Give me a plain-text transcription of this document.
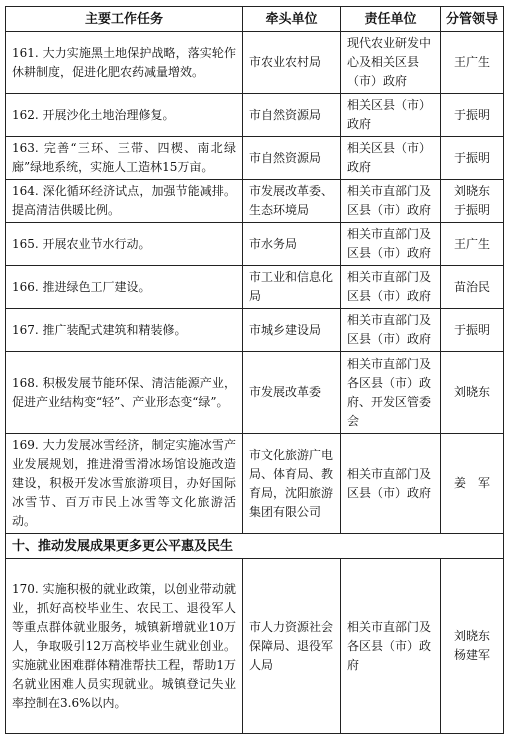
主要工作任务	牵头单位	责任单位	分管领导
161. 大力实施黑土地保护战略，落实轮作休耕制度，促进化肥农药减量增效。	市农业农村局	现代农业研发中心及相关区县（市）政府	王广生

162. 开展沙化土地治理修复。	市自然资源局	相关区县（市）政府	于振明

163. 完善“三环、三带、四楔、南北绿廊”绿地系统，实施人工造林15万亩。	市自然资源局	相关区县（市）政府	于振明

164. 深化循环经济试点，加强节能减排。提高清洁供暖比例。	市发展改革委、生态环境局	相关市直部门及区县（市）政府	刘晓东
于振明

165. 开展农业节水行动。	市水务局	相关市直部门及区县（市）政府	王广生

166. 推进绿色工厂建设。	市工业和信息化局	相关市直部门及区县（市）政府	苗治民

167. 推广装配式建筑和精装修。	市城乡建设局	相关市直部门及区县（市）政府	于振明

168. 积极发展节能环保、清洁能源产业，促进产业结构变“轻”、产业形态变“绿”。	市发展改革委	相关市直部门及各区县（市）政府、开发区管委会	刘晓东

169. 大力发展冰雪经济，制定实施冰雪产业发展规划，推进滑雪滑冰场馆设施改造建设，积极开发冰雪旅游项目，办好国际冰雪节、百万市民上冰雪等文化旅游活动。	市文化旅游广电局、体育局、教育局，沈阳旅游集团有限公司	相关市直部门及区县（市）政府	姜　军

十、推动发展成果更多更公平惠及民生			
170. 实施积极的就业政策，以创业带动就业，抓好高校毕业生、农民工、退役军人等重点群体就业服务，城镇新增就业10万人，争取吸引12万高校毕业生就业创业。实施就业困难群体精准帮扶工程，帮助1万名就业困难人员实现就业。城镇登记失业率控制在3.6%以内。	市人力资源社会保障局、退役军人局	相关市直部门及各区县（市）政府	刘晓东
杨建军
